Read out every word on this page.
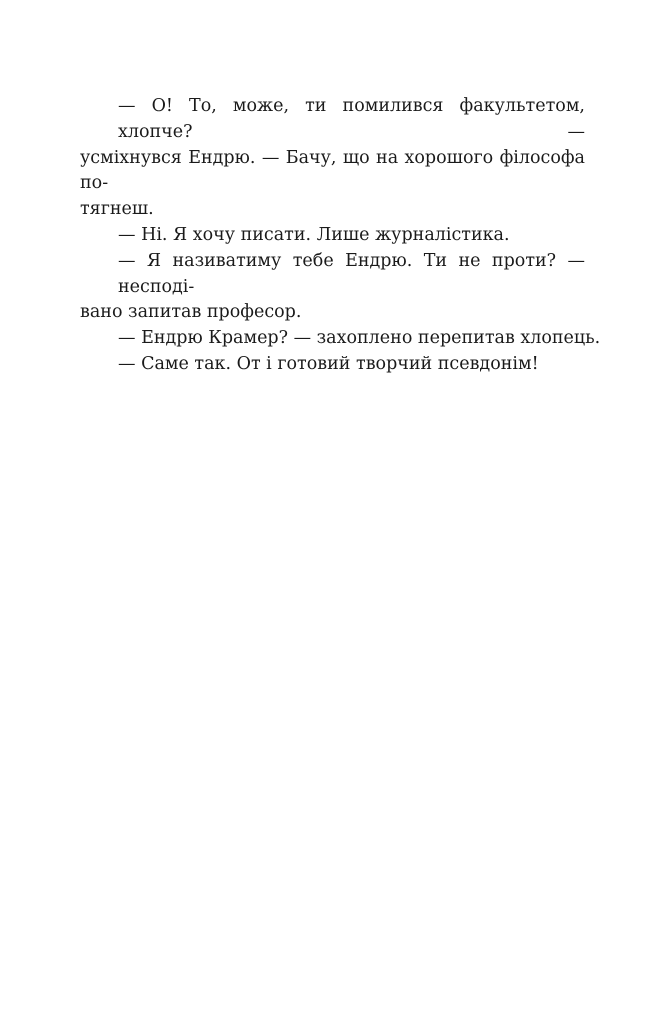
— О! То, може, ти помилився факультетом, хлопче? —
усміхнувся Ендрю. — Бачу, що на хорошого філософа по-
тягнеш.
— Ні. Я хочу писати. Лише журналістика.
— Я називатиму тебе Ендрю. Ти не проти? — несподі-
вано запитав професор.
— Ендрю Крамер? — захоплено перепитав хлопець.
— Саме так. От і готовий творчий псевдонім!
